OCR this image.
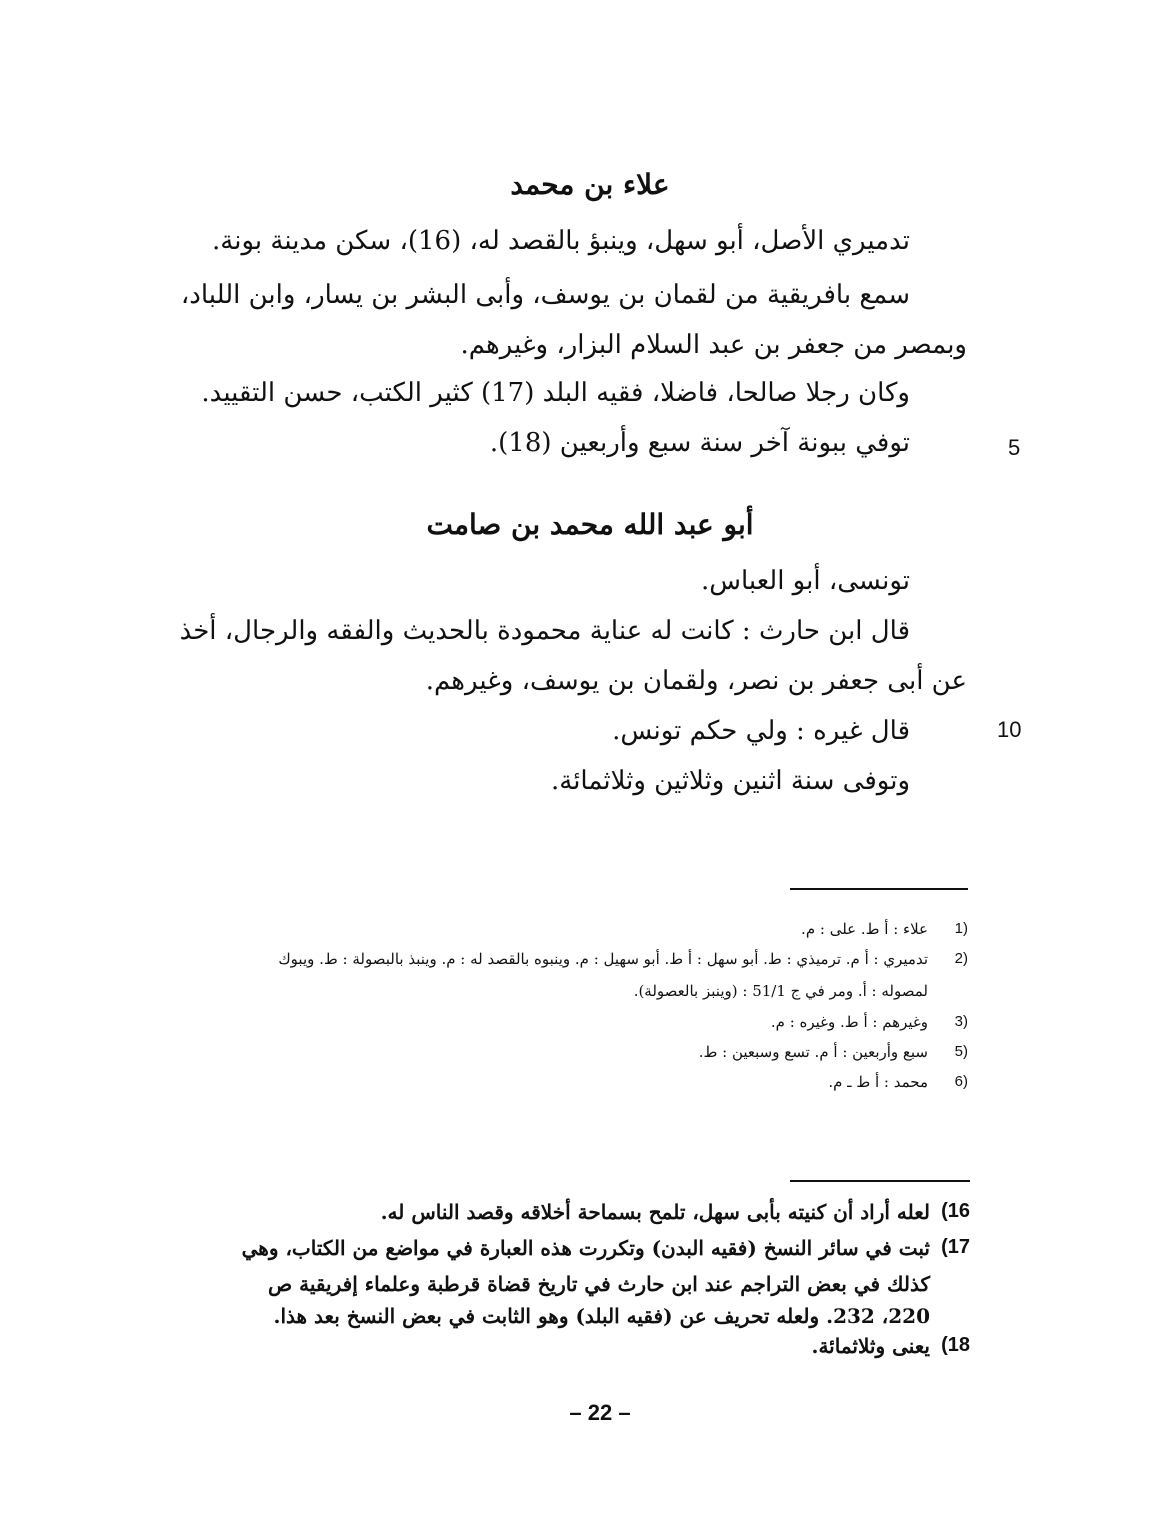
علاء بن محمد
تدميري الأصل، أبو سهل، وينبؤ بالقصد له، (16)، سكن مدينة بونة.
سمع بافريقية من لقمان بن يوسف، وأبى البشر بن يسار، وابن اللباد،
وبمصر من جعفر بن عبد السلام البزار، وغيرهم.
وكان رجلا صالحا، فاضلا، فقيه البلد (17) كثير الكتب، حسن التقييد.
توفي ببونة آخر سنة سبع وأربعين (18).	5
أبو عبد الله محمد بن صامت
تونسى، أبو العباس.
قال ابن حارث : كانت له عناية محمودة بالحديث والفقه والرجال، أخذ
عن أبى جعفر بن نصر، ولقمان بن يوسف، وغيرهم.
قال غيره : ولي حكم تونس.
وتوفى سنة اثنين وثلاثين وثلاثمائة.
10
1)
علاء : أ ط. على : م.
2)
تدميري : أ م. ترميذي : ط. أبو سهل : أ ط. أبو سهيل : م. وينبوه بالقصد له : م. وينبذ بالبصولة : ط. ويبوك
لمصوله : أ. ومر في ج 51/1 : (وينبز بالعصولة).
3)
وغيرهم : أ ط. وغيره : م.
5)
سبع وأربعين : أ م. تسع وسبعين : ط.
6)
محمد : أ ط ـ م.
(16
لعله أراد أن كنيته بأبى سهل، تلمح بسماحة أخلاقه وقصد الناس له.
(17
ثبت في سائر النسخ (فقيه البدن) وتكررت هذه العبارة في مواضع من الكتاب، وهي
كذلك في بعض التراجم عند ابن حارث في تاريخ قضاة قرطبة وعلماء إفريقية ص
220، 232. ولعله تحريف عن (فقيه البلد) وهو الثابت في بعض النسخ بعد هذا.
(18
يعنى وثلاثمائة.
– 22 –
